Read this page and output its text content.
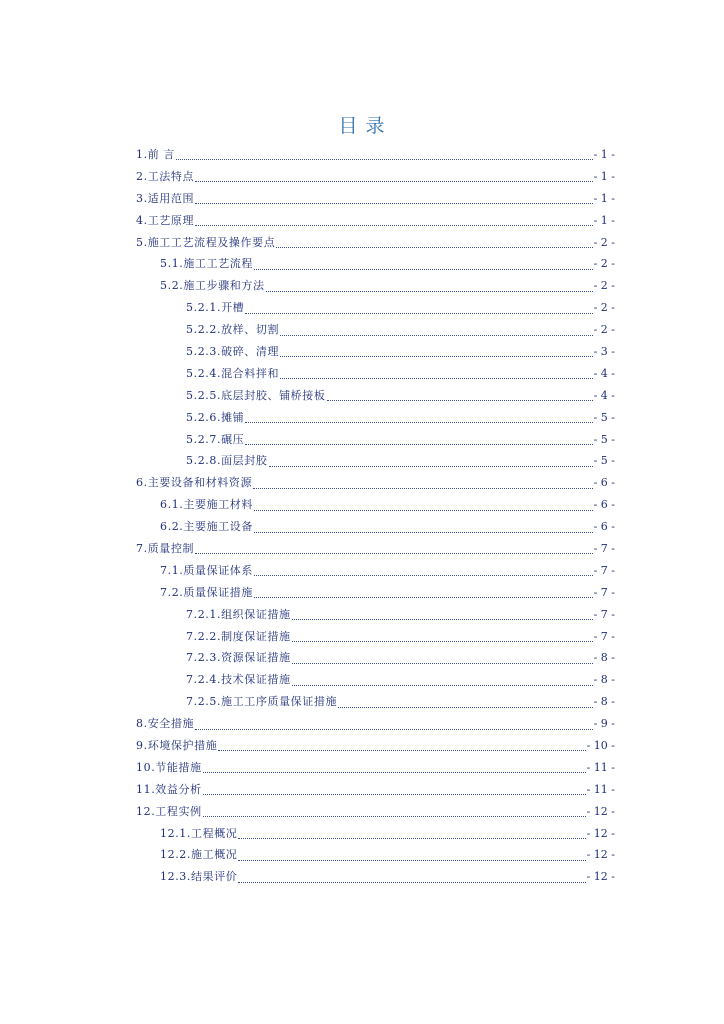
目 录
1.前 言	- 1 -
2.工法特点	- 1 -
3.适用范围	- 1 -
4.工艺原理	- 1 -
5.施工工艺流程及操作要点	- 2 -
5.1.施工工艺流程	- 2 -
5.2.施工步骤和方法	- 2 -
5.2.1.开槽	- 2 -
5.2.2.放样、切割	- 2 -
5.2.3.破碎、清理	- 3 -
5.2.4.混合料拌和	- 4 -
5.2.5.底层封胶、铺桥接板	- 4 -
5.2.6.摊铺	- 5 -
5.2.7.碾压	- 5 -
5.2.8.面层封胶	- 5 -
6.主要设备和材料资源	- 6 -
6.1.主要施工材料	- 6 -
6.2.主要施工设备	- 6 -
7.质量控制	- 7 -
7.1.质量保证体系	- 7 -
7.2.质量保证措施	- 7 -
7.2.1.组织保证措施	- 7 -
7.2.2.制度保证措施	- 7 -
7.2.3.资源保证措施	- 8 -
7.2.4.技术保证措施	- 8 -
7.2.5.施工工序质量保证措施	- 8 -
8.安全措施	- 9 -
9.环境保护措施	- 10 -
10.节能措施	- 11 -
11.效益分析	- 11 -
12.工程实例	- 12 -
12.1.工程概况	- 12 -
12.2.施工概况	- 12 -
12.3.结果评价	- 12 -
